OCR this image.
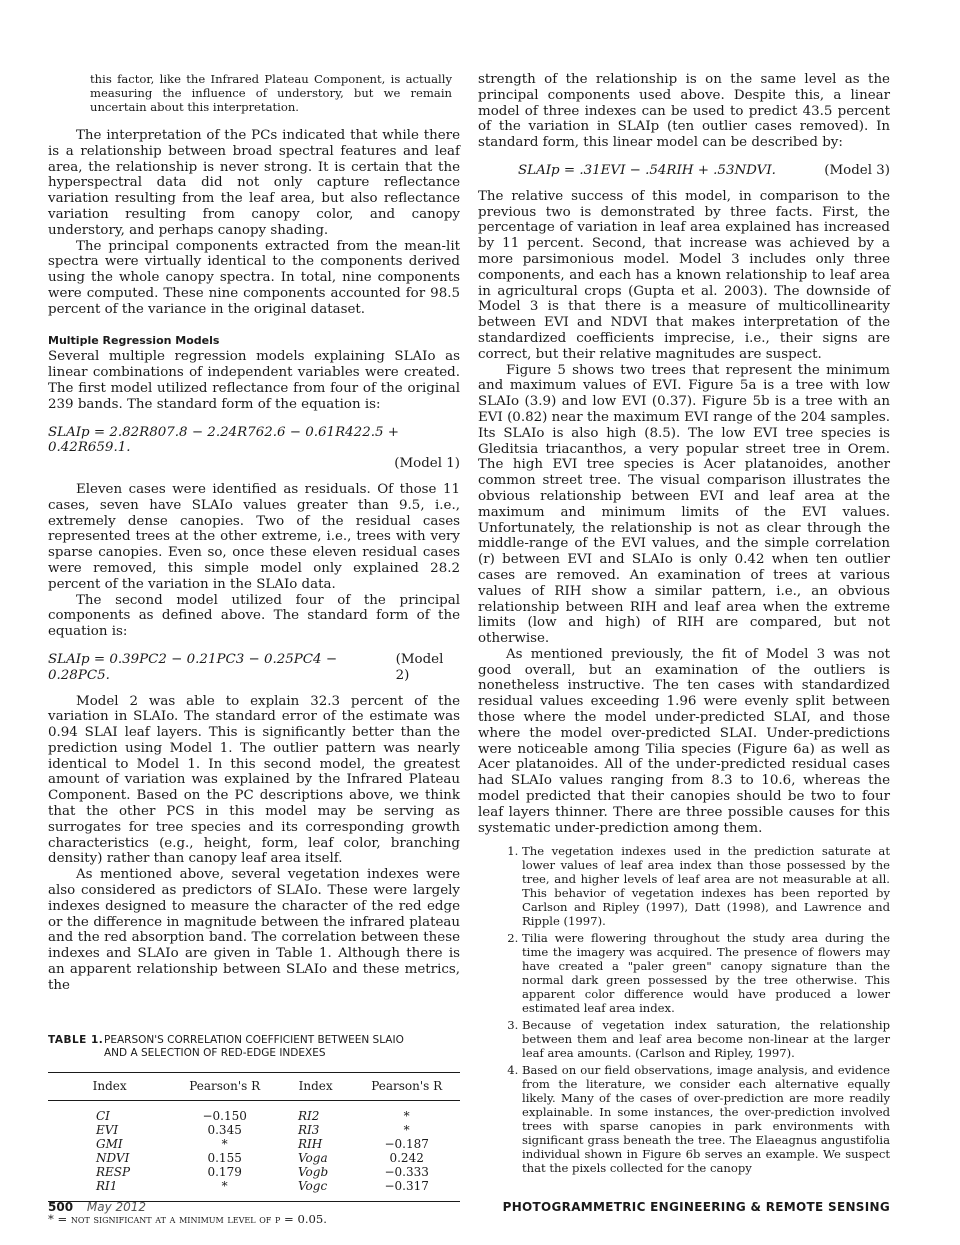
this factor, like the Infrared Plateau Component, is actually measuring the influence of understory, but we remain uncertain about this interpretation.

The interpretation of the PCs indicated that while there is a relationship between broad spectral features and leaf area, the relationship is never strong. It is certain that the hyperspectral data did not only capture reflectance variation resulting from the leaf area, but also reflectance variation resulting from canopy color, and canopy understory, and perhaps canopy shading.

The principal components extracted from the mean-lit spectra were virtually identical to the components derived using the whole canopy spectra. In total, nine components were computed. These nine components accounted for 98.5 percent of the variance in the original dataset.

Multiple Regression Models

Several multiple regression models explaining SLAIo as linear combinations of independent variables were created. The first model utilized reflectance from four of the original 239 bands. The standard form of the equation is:

SLAIp = 2.82R807.8 − 2.24R762.6 − 0.61R422.5 + 0.42R659.1.
(Model 1)

Eleven cases were identified as residuals. Of those 11 cases, seven have SLAIo values greater than 9.5, i.e., extremely dense canopies. Two of the residual cases represented trees at the other extreme, i.e., trees with very sparse canopies. Even so, once these eleven residual cases were removed, this simple model only explained 28.2 percent of the variation in the SLAIo data.

The second model utilized four of the principal components as defined above. The standard form of the equation is:

SLAIp = 0.39PC2 − 0.21PC3 − 0.25PC4 − 0.28PC5.
(Model 2)

Model 2 was able to explain 32.3 percent of the variation in SLAIo. The standard error of the estimate was 0.94 SLAI leaf layers. This is significantly better than the prediction using Model 1. The outlier pattern was nearly identical to Model 1. In this second model, the greatest amount of variation was explained by the Infrared Plateau Component. Based on the PC descriptions above, we think that the other PCS in this model may be serving as surrogates for tree species and its corresponding growth characteristics (e.g., height, form, leaf color, branching density) rather than canopy leaf area itself.

As mentioned above, several vegetation indexes were also considered as predictors of SLAIo. These were largely indexes designed to measure the character of the red edge or the difference in magnitude between the infrared plateau and the red absorption band. The correlation between these indexes and SLAIo are given in Table 1. Although there is an apparent relationship between SLAIo and these metrics, the

TABLE 1. PEARSON'S CORRELATION COEFFICIENT BETWEEN SLAIO AND A SELECTION OF RED-EDGE INDEXES
Index	Pearson's R	Index	Pearson's R
CI	−0.150	RI2	*
EVI	0.345	RI3	*
GMI	*	RIH	−0.187
NDVI	0.155	Voga	0.242
RESP	0.179	Vogb	−0.333
RI1	*	Vogc	−0.317
* = not significant at a minimum level of p = 0.05.

strength of the relationship is on the same level as the principal components used above. Despite this, a linear model of three indexes can be used to predict 43.5 percent of the variation in SLAIp (ten outlier cases removed). In standard form, this linear model can be described by:

SLAIp = .31EVI − .54RIH + .53NDVI.	(Model 3)

The relative success of this model, in comparison to the previous two is demonstrated by three facts. First, the percentage of variation in leaf area explained has increased by 11 percent. Second, that increase was achieved by a more parsimonious model. Model 3 includes only three components, and each has a known relationship to leaf area in agricultural crops (Gupta et al. 2003). The downside of Model 3 is that there is a measure of multicollinearity between EVI and NDVI that makes interpretation of the standardized coefficients imprecise, i.e., their signs are correct, but their relative magnitudes are suspect.

Figure 5 shows two trees that represent the minimum and maximum values of EVI. Figure 5a is a tree with low SLAIo (3.9) and low EVI (0.37). Figure 5b is a tree with an EVI (0.82) near the maximum EVI range of the 204 samples. Its SLAIo is also high (8.5). The low EVI tree species is Gleditsia triacanthos, a very popular street tree in Orem. The high EVI tree species is Acer platanoides, another common street tree. The visual comparison illustrates the obvious relationship between EVI and leaf area at the maximum and minimum limits of the EVI values. Unfortunately, the relationship is not as clear through the middle-range of the EVI values, and the simple correlation (r) between EVI and SLAIo is only 0.42 when ten outlier cases are removed. An examination of trees at various values of RIH show a similar pattern, i.e., an obvious relationship between RIH and leaf area when the extreme limits (low and high) of RIH are compared, but not otherwise.

As mentioned previously, the fit of Model 3 was not good overall, but an examination of the outliers is nonetheless instructive. The ten cases with standardized residual values exceeding 1.96 were evenly split between those where the model under-predicted SLAI, and those where the model over-predicted SLAI. Under-predictions were noticeable among Tilia species (Figure 6a) as well as Acer platanoides. All of the under-predicted residual cases had SLAIo values ranging from 8.3 to 10.6, whereas the model predicted that their canopies should be two to four leaf layers thinner. There are three possible causes for this systematic under-prediction among them.

1. The vegetation indexes used in the prediction saturate at lower values of leaf area index than those possessed by the tree, and higher levels of leaf area are not measurable at all. This behavior of vegetation indexes has been reported by Carlson and Ripley (1997), Datt (1998), and Lawrence and Ripple (1997).
2. Tilia were flowering throughout the study area during the time the imagery was acquired. The presence of flowers may have created a "paler green" canopy signature than the normal dark green possessed by the tree otherwise. This apparent color difference would have produced a lower estimated leaf area index.
3. Because of vegetation index saturation, the relationship between them and leaf area become non-linear at the larger leaf area amounts. (Carlson and Ripley, 1997).
4. Based on our field observations, image analysis, and evidence from the literature, we consider each alternative equally likely. Many of the cases of over-prediction are more readily explainable. In some instances, the over-prediction involved trees with sparse canopies in park environments with significant grass beneath the tree. The Elaeagnus angustifolia individual shown in Figure 6b serves an example. We suspect that the pixels collected for the canopy
500 May 2012	PHOTOGRAMMETRIC ENGINEERING & REMOTE SENSING
